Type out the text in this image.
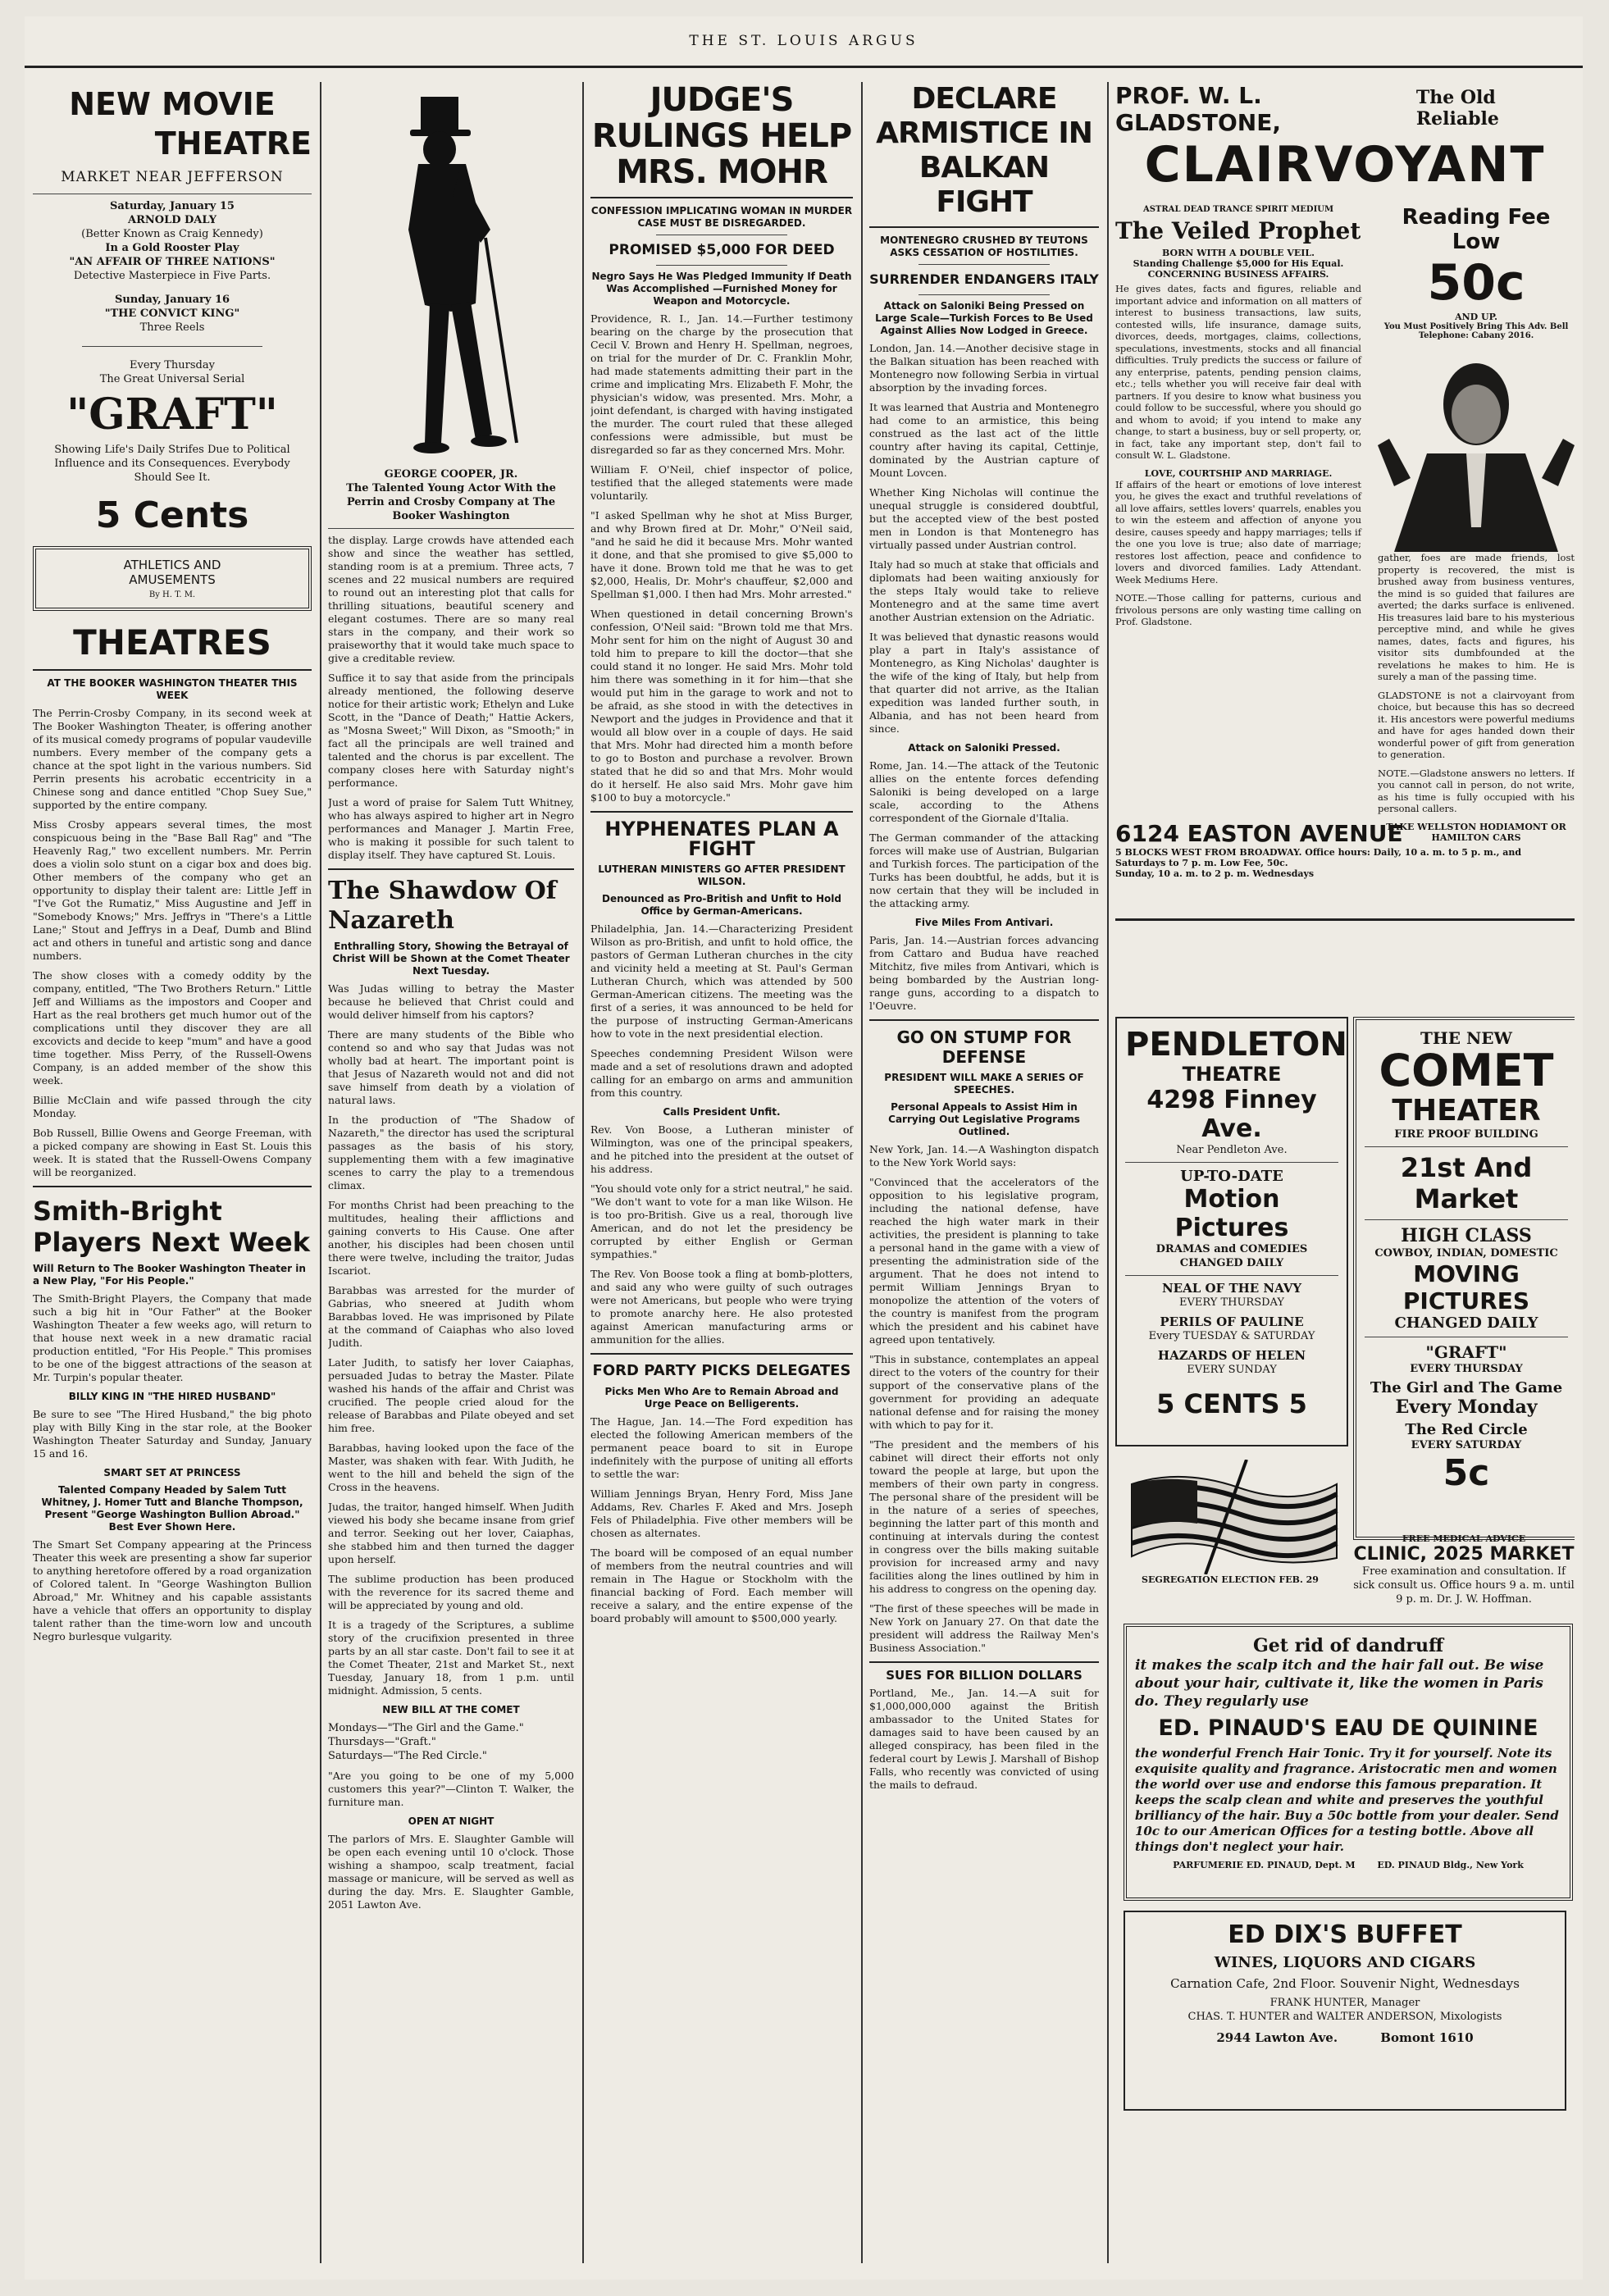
THE ST. LOUIS ARGUS
NEW MOVIE
THEATRE
MARKET NEAR JEFFERSON
Saturday, January 15
ARNOLD DALY
(Better Known as Craig Kennedy)
In a Gold Rooster Play
"AN AFFAIR OF THREE NATIONS"
Detective Masterpiece in Five Parts.
Sunday, January 16
"THE CONVICT KING"
Three Reels
Every Thursday
The Great Universal Serial
"GRAFT"
Showing Life's Daily Strifes Due to Political Influence and its Consequences. Everybody Should See It.
5 Cents
ATHLETICS AND
AMUSEMENTS
By H. T. M.
THEATRES
AT THE BOOKER WASHINGTON THEATER THIS WEEK

The Perrin-Crosby Company, in its second week at The Booker Washington Theater, is offering another of its musical comedy programs of popular vaudeville numbers. Every member of the company gets a chance at the spot light in the various numbers. Sid Perrin presents his acrobatic eccentricity in a Chinese song and dance entitled "Chop Suey Sue," supported by the entire company.

Miss Crosby appears several times, the most conspicuous being in the "Base Ball Rag" and "The Heavenly Rag," two excellent numbers. Mr. Perrin does a violin solo stunt on a cigar box and does big. Other members of the company who get an opportunity to display their talent are: Little Jeff in "I've Got the Rumatiz," Miss Augustine and Jeff in "Somebody Knows;" Mrs. Jeffrys in "There's a Little Lane;" Stout and Jeffrys in a Deaf, Dumb and Blind act and others in tuneful and artistic song and dance numbers.

The show closes with a comedy oddity by the company, entitled, "The Two Brothers Return." Little Jeff and Williams as the impostors and Cooper and Hart as the real brothers get much humor out of the complications until they discover they are all excovicts and decide to keep "mum" and have a good time together. Miss Perry, of the Russell-Owens Company, is an added member of the show this week.

Billie McClain and wife passed through the city Monday.

Bob Russell, Billie Owens and George Freeman, with a picked company are showing in East St. Louis this week. It is stated that the Russell-Owens Company will be reorganized.

Smith-Bright Players Next Week
Will Return to The Booker Washington Theater in a New Play, "For His People."

The Smith-Bright Players, the Company that made such a big hit in "Our Father" at the Booker Washington Theater a few weeks ago, will return to that house next week in a new dramatic racial production entitled, "For His People." This promises to be one of the biggest attractions of the season at Mr. Turpin's popular theater.

BILLY KING IN "THE HIRED HUSBAND"

Be sure to see "The Hired Husband," the big photo play with Billy King in the star role, at the Booker Washington Theater Saturday and Sunday, January 15 and 16.

SMART SET AT PRINCESS
Talented Company Headed by Salem Tutt Whitney, J. Homer Tutt and Blanche Thompson, Present "George Washington Bullion Abroad." Best Ever Shown Here.

The Smart Set Company appearing at the Princess Theater this week are presenting a show far superior to anything heretofore offered by a road organization of Colored talent. In "George Washington Bullion Abroad," Mr. Whitney and his capable assistants have a vehicle that offers an opportunity to display talent rather than the time-worn low and uncouth Negro burlesque vulgarity.

GEORGE COOPER, JR.
The Talented Young Actor With the Perrin and Crosby Company at The Booker Washington

the display. Large crowds have attended each show and since the weather has settled, standing room is at a premium. Three acts, 7 scenes and 22 musical numbers are required to round out an interesting plot that calls for thrilling situations, beautiful scenery and elegant costumes. There are so many real stars in the company, and their work so praiseworthy that it would take much space to give a creditable review.

Suffice it to say that aside from the principals already mentioned, the following deserve notice for their artistic work; Ethelyn and Luke Scott, in the "Dance of Death;" Hattie Ackers, as "Mosna Sweet;" Will Dixon, as "Smooth;" in fact all the principals are well trained and talented and the chorus is par excellent. The company closes here with Saturday night's performance.

Just a word of praise for Salem Tutt Whitney, who has always aspired to higher art in Negro performances and Manager J. Martin Free, who is making it possible for such talent to display itself. They have captured St. Louis.

The Shawdow Of Nazareth
Enthralling Story, Showing the Betrayal of Christ Will be Shown at the Comet Theater Next Tuesday.

Was Judas willing to betray the Master because he believed that Christ could and would deliver himself from his captors?

There are many students of the Bible who contend so and who say that Judas was not wholly bad at heart. The important point is that Jesus of Nazareth would not and did not save himself from death by a violation of natural laws.

In the production of "The Shadow of Nazareth," the director has used the scriptural passages as the basis of his story, supplementing them with a few imaginative scenes to carry the play to a tremendous climax.

For months Christ had been preaching to the multitudes, healing their afflictions and gaining converts to His Cause. One after another, his disciples had been chosen until there were twelve, including the traitor, Judas Iscariot.

Barabbas was arrested for the murder of Gabrias, who sneered at Judith whom Barabbas loved. He was imprisoned by Pilate at the command of Caiaphas who also loved Judith.

Later Judith, to satisfy her lover Caiaphas, persuaded Judas to betray the Master. Pilate washed his hands of the affair and Christ was crucified. The people cried aloud for the release of Barabbas and Pilate obeyed and set him free.

Barabbas, having looked upon the face of the Master, was shaken with fear. With Judith, he went to the hill and beheld the sign of the Cross in the heavens.

Judas, the traitor, hanged himself. When Judith viewed his body she became insane from grief and terror. Seeking out her lover, Caiaphas, she stabbed him and then turned the dagger upon herself.

The sublime production has been produced with the reverence for its sacred theme and will be appreciated by young and old.

It is a tragedy of the Scriptures, a sublime story of the crucifixion presented in three parts by an all star caste. Don't fail to see it at the Comet Theater, 21st and Market St., next Tuesday, January 18, from 1 p.m. until midnight. Admission, 5 cents.

NEW BILL AT THE COMET
Mondays—"The Girl and the Game."
Thursdays—"Graft."
Saturdays—"The Red Circle."

"Are you going to be one of my 5,000 customers this year?"—Clinton T. Walker, the furniture man.

OPEN AT NIGHT

The parlors of Mrs. E. Slaughter Gamble will be open each evening until 10 o'clock. Those wishing a shampoo, scalp treatment, facial massage or manicure, will be served as well as during the day. Mrs. E. Slaughter Gamble, 2051 Lawton Ave.

JUDGE'S RULINGS HELP MRS. MOHR
CONFESSION IMPLICATING WOMAN IN MURDER CASE MUST BE DISREGARDED.
PROMISED $5,000 FOR DEED
Negro Says He Was Pledged Immunity If Death Was Accomplished —Furnished Money for Weapon and Motorcycle.

Providence, R. I., Jan. 14.—Further testimony bearing on the charge by the prosecution that Cecil V. Brown and Henry H. Spellman, negroes, on trial for the murder of Dr. C. Franklin Mohr, had made statements admitting their part in the crime and implicating Mrs. Elizabeth F. Mohr, the physician's widow, was presented. Mrs. Mohr, a joint defendant, is charged with having instigated the murder. The court ruled that these alleged confessions were admissible, but must be disregarded so far as they concerned Mrs. Mohr.

William F. O'Neil, chief inspector of police, testified that the alleged statements were made voluntarily.

"I asked Spellman why he shot at Miss Burger, and why Brown fired at Dr. Mohr," O'Neil said, "and he said he did it because Mrs. Mohr wanted it done, and that she promised to give $5,000 to have it done. Brown told me that he was to get $2,000, Healis, Dr. Mohr's chauffeur, $2,000 and Spellman $1,000. I then had Mrs. Mohr arrested."

When questioned in detail concerning Brown's confession, O'Neil said: "Brown told me that Mrs. Mohr sent for him on the night of August 30 and told him to prepare to kill the doctor—that she could stand it no longer. He said Mrs. Mohr told him there was something in it for him—that she would put him in the garage to work and not to be afraid, as she stood in with the detectives in Newport and the judges in Providence and that it would all blow over in a couple of days. He said that Mrs. Mohr had directed him a month before to go to Boston and purchase a revolver. Brown stated that he did so and that Mrs. Mohr would do it herself. He also said Mrs. Mohr gave him $100 to buy a motorcycle."

HYPHENATES PLAN A FIGHT
LUTHERAN MINISTERS GO AFTER PRESIDENT WILSON.
Denounced as Pro-British and Unfit to Hold Office by German-Americans.

Philadelphia, Jan. 14.—Characterizing President Wilson as pro-British, and unfit to hold office, the pastors of German Lutheran churches in the city and vicinity held a meeting at St. Paul's German Lutheran Church, which was attended by 500 German-American citizens. The meeting was the first of a series, it was announced to be held for the purpose of instructing German-Americans how to vote in the next presidential election.

Speeches condemning President Wilson were made and a set of resolutions drawn and adopted calling for an embargo on arms and ammunition from this country.

Calls President Unfit.

Rev. Von Boose, a Lutheran minister of Wilmington, was one of the principal speakers, and he pitched into the president at the outset of his address.

"You should vote only for a strict neutral," he said. "We don't want to vote for a man like Wilson. He is too pro-British. Give us a real, thorough live American, and do not let the presidency be corrupted by either English or German sympathies."

The Rev. Von Boose took a fling at bomb-plotters, and said any who were guilty of such outrages were not Americans, but people who were trying to promote anarchy here. He also protested against American manufacturing arms or ammunition for the allies.

FORD PARTY PICKS DELEGATES
Picks Men Who Are to Remain Abroad and Urge Peace on Belligerents.

The Hague, Jan. 14.—The Ford expedition has elected the following American members of the permanent peace board to sit in Europe indefinitely with the purpose of uniting all efforts to settle the war:

William Jennings Bryan, Henry Ford, Miss Jane Addams, Rev. Charles F. Aked and Mrs. Joseph Fels of Philadelphia. Five other members will be chosen as alternates.

The board will be composed of an equal number of members from the neutral countries and will remain in The Hague or Stockholm with the financial backing of Ford. Each member will receive a salary, and the entire expense of the board probably will amount to $500,000 yearly.

DECLARE ARMISTICE IN BALKAN FIGHT
MONTENEGRO CRUSHED BY TEUTONS ASKS CESSATION OF HOSTILITIES.
SURRENDER ENDANGERS ITALY
Attack on Saloniki Being Pressed on Large Scale—Turkish Forces to Be Used Against Allies Now Lodged in Greece.

London, Jan. 14.—Another decisive stage in the Balkan situation has been reached with Montenegro now following Serbia in virtual absorption by the invading forces.

It was learned that Austria and Montenegro had come to an armistice, this being construed as the last act of the little country after having its capital, Cettinje, dominated by the Austrian capture of Mount Lovcen.

Whether King Nicholas will continue the unequal struggle is considered doubtful, but the accepted view of the best posted men in London is that Montenegro has virtually passed under Austrian control.

Italy had so much at stake that officials and diplomats had been waiting anxiously for the steps Italy would take to relieve Montenegro and at the same time avert another Austrian extension on the Adriatic.

It was believed that dynastic reasons would play a part in Italy's assistance of Montenegro, as King Nicholas' daughter is the wife of the king of Italy, but help from that quarter did not arrive, as the Italian expedition was landed further south, in Albania, and has not been heard from since.

Attack on Saloniki Pressed.

Rome, Jan. 14.—The attack of the Teutonic allies on the entente forces defending Saloniki is being developed on a large scale, according to the Athens correspondent of the Giornale d'Italia.

The German commander of the attacking forces will make use of Austrian, Bulgarian and Turkish forces. The participation of the Turks has been doubtful, he adds, but it is now certain that they will be included in the attacking army.

Five Miles From Antivari.

Paris, Jan. 14.—Austrian forces advancing from Cattaro and Budua have reached Mitchitz, five miles from Antivari, which is being bombarded by the Austrian long-range guns, according to a dispatch to l'Oeuvre.

GO ON STUMP FOR DEFENSE
PRESIDENT WILL MAKE A SERIES OF SPEECHES.
Personal Appeals to Assist Him in Carrying Out Legislative Programs Outlined.

New York, Jan. 14.—A Washington dispatch to the New York World says:

"Convinced that the accelerators of the opposition to his legislative program, including the national defense, have reached the high water mark in their activities, the president is planning to take a personal hand in the game with a view of presenting the administration side of the argument. That he does not intend to permit William Jennings Bryan to monopolize the attention of the voters of the country is manifest from the program which the president and his cabinet have agreed upon tentatively.

"This in substance, contemplates an appeal direct to the voters of the country for their support of the conservative plans of the government for providing an adequate national defense and for raising the money with which to pay for it.

"The president and the members of his cabinet will direct their efforts not only toward the people at large, but upon the members of their own party in congress. The personal share of the president will be in the nature of a series of speeches, beginning the latter part of this month and continuing at intervals during the contest in congress over the bills making suitable provision for increased army and navy facilities along the lines outlined by him in his address to congress on the opening day.

"The first of these speeches will be made in New York on January 27. On that date the president will address the Railway Men's Business Association."

SUES FOR BILLION DOLLARS

Portland, Me., Jan. 14.—A suit for $1,000,000,000 against the British ambassador to the United States for damages said to have been caused by an alleged conspiracy, has been filed in the federal court by Lewis J. Marshall of Bishop Falls, who recently was convicted of using the mails to defraud.

PROF. W. L. GLADSTONE,
The Old Reliable
CLAIRVOYANT
ASTRAL DEAD TRANCE SPIRIT MEDIUM
The Veiled Prophet
BORN WITH A DOUBLE VEIL.
Standing Challenge $5,000 for His Equal. CONCERNING BUSINESS AFFAIRS.

He gives dates, facts and figures, reliable and important advice and information on all matters of interest to business transactions, law suits, contested wills, life insurance, damage suits, divorces, deeds, mortgages, claims, collections, speculations, investments, stocks and all financial difficulties. Truly predicts the success or failure of any enterprise, patents, pending pension claims, etc.; tells whether you will receive fair deal with partners. If you desire to know what business you could follow to be successful, where you should go and whom to avoid; if you intend to make any change, to start a business, buy or sell property, or, in fact, take any important step, don't fail to consult W. L. Gladstone.

LOVE, COURTSHIP AND MARRIAGE.

If affairs of the heart or emotions of love interest you, he gives the exact and truthful revelations of all love affairs, settles lovers' quarrels, enables you to win the esteem and affection of anyone you desire, causes speedy and happy marriages; tells if the one you love is true; also date of marriage; restores lost affection, peace and confidence to lovers and divorced families. Lady Attendant. Week Mediums Here.

NOTE.—Those calling for patterns, curious and frivolous persons are only wasting time calling on Prof. Gladstone.

Reading Fee Low
50c
AND UP.
You Must Positively Bring This Adv. Bell Telephone: Cabany 2016.

gather, foes are made friends, lost property is recovered, the mist is brushed away from business ventures, the mind is so guided that failures are averted; the darks surface is enlivened. His treasures laid bare to his mysterious perceptive mind, and while he gives names, dates, facts and figures, his visitor sits dumbfounded at the revelations he makes to him. He is surely a man of the passing time.

GLADSTONE is not a clairvoyant from choice, but because this has so decreed it. His ancestors were powerful mediums and have for ages handed down their wonderful power of gift from generation to generation.

NOTE.—Gladstone answers no letters. If you cannot call in person, do not write, as his time is fully occupied with his personal callers.

TAKE WELLSTON HODIAMONT OR HAMILTON CARS
6124 EASTON AVENUE
5 BLOCKS WEST FROM BROADWAY. Office hours: Daily, 10 a. m. to 5 p. m., and Saturdays to 7 p. m. Low Fee, 50c.
Sunday, 10 a. m. to 2 p. m. Wednesdays
PENDLETON
THEATRE
4298 Finney Ave.
Near Pendleton Ave.
UP-TO-DATE
Motion Pictures
DRAMAS and COMEDIES CHANGED DAILY
NEAL OF THE NAVY
EVERY THURSDAY
PERILS OF PAULINE
Every TUESDAY & SATURDAY
HAZARDS OF HELEN
EVERY SUNDAY
5 CENTS 5
SEGREGATION ELECTION FEB. 29
THE NEW
COMET
THEATER
FIRE PROOF BUILDING
21st And Market
HIGH CLASS
COWBOY, INDIAN, DOMESTIC
MOVING PICTURES
CHANGED DAILY
"GRAFT"
EVERY THURSDAY
The Girl and The Game
Every Monday
The Red Circle
EVERY SATURDAY
5c
FREE MEDICAL ADVICE
CLINIC, 2025 MARKET
Free examination and consultation. If sick consult us. Office hours 9 a. m. until 9 p. m. Dr. J. W. Hoffman.
Get rid of dandruff
it makes the scalp itch and the hair fall out. Be wise about your hair, cultivate it, like the women in Paris do. They regularly use
ED. PINAUD'S EAU DE QUININE
the wonderful French Hair Tonic. Try it for yourself. Note its exquisite quality and fragrance. Aristocratic men and women the world over use and endorse this famous preparation. It keeps the scalp clean and white and preserves the youthful brilliancy of the hair. Buy a 50c bottle from your dealer. Send 10c to our American Offices for a testing bottle. Above all things don't neglect your hair.
PARFUMERIE ED. PINAUD, Dept. M       ED. PINAUD Bldg., New York
ED DIX'S BUFFET
WINES, LIQUORS AND CIGARS
Carnation Cafe, 2nd Floor. Souvenir Night, Wednesdays
FRANK HUNTER, Manager
CHAS. T. HUNTER and WALTER ANDERSON, Mixologists
2944 Lawton Ave.          Bomont 1610
